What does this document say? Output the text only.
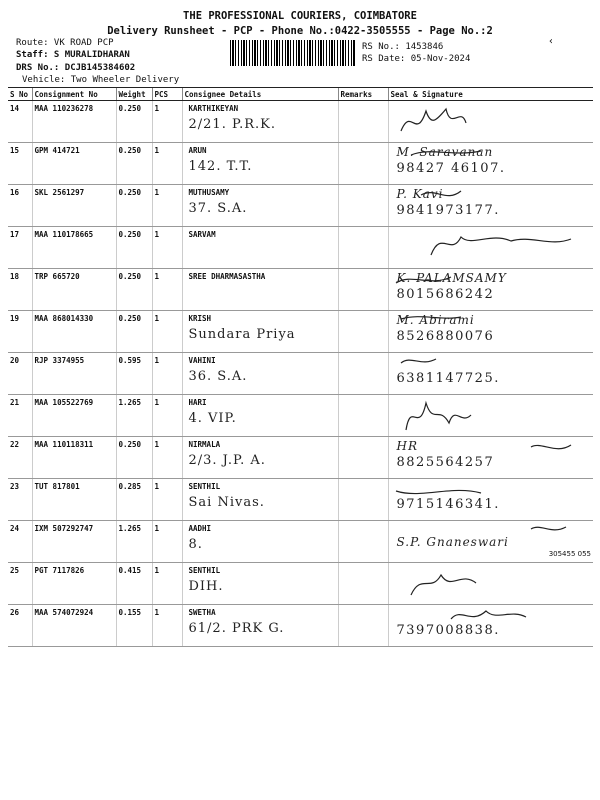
THE PROFESSIONAL COURIERS, COIMBATORE
Delivery Runsheet - PCP - Phone No.:0422-3505555 - Page No.:2
Route: VK ROAD PCP
Staff: S MURALIDHARAN
DRS No.: DCJB145384602
Vehicle: Two Wheeler Delivery
RS No.: 1453846
RS Date: 05-Nov-2024
‹
S No	Consignment No	Weight	PCS	Consignee Details	Remarks	Seal & Signature
14	MAA 110236278	0.250	1	KARTHIKEYAN
2/21. P.R.K.

15	GPM 414721	0.250	1	ARUN
142. T.T.		M. Saravanan
98427 46107.

16	SKL 2561297	0.250	1	MUTHUSAMY
37. S.A.		P. Kavi
9841973177.

17	MAA 110178665	0.250	1	SARVAM

18	TRP 665720	0.250	1	SREE DHARMASASTHA		K. PALAMSAMY
8015686242

19	MAA 868014330	0.250	1	KRISH
Sundara Priya		M. Abirami
8526880076

20	RJP 3374955	0.595	1	VAHINI
36. S.A.		6381147725.

21	MAA 105522769	1.265	1	HARI
4. VIP.

22	MAA 110118311	0.250	1	NIRMALA
2/3. J.P. A.		HR
8825564257

23	TUT 817801	0.285	1	SENTHIL
Sai Nivas.		9715146341.

24	IXM 507292747	1.265	1	AADHI
8.		S.P. Gnaneswari
305455 055

25	PGT 7117826	0.415	1	SENTHIL
DIH.

26	MAA 574072924	0.155	1	SWETHA
61/2. PRK G.		7397008838.
